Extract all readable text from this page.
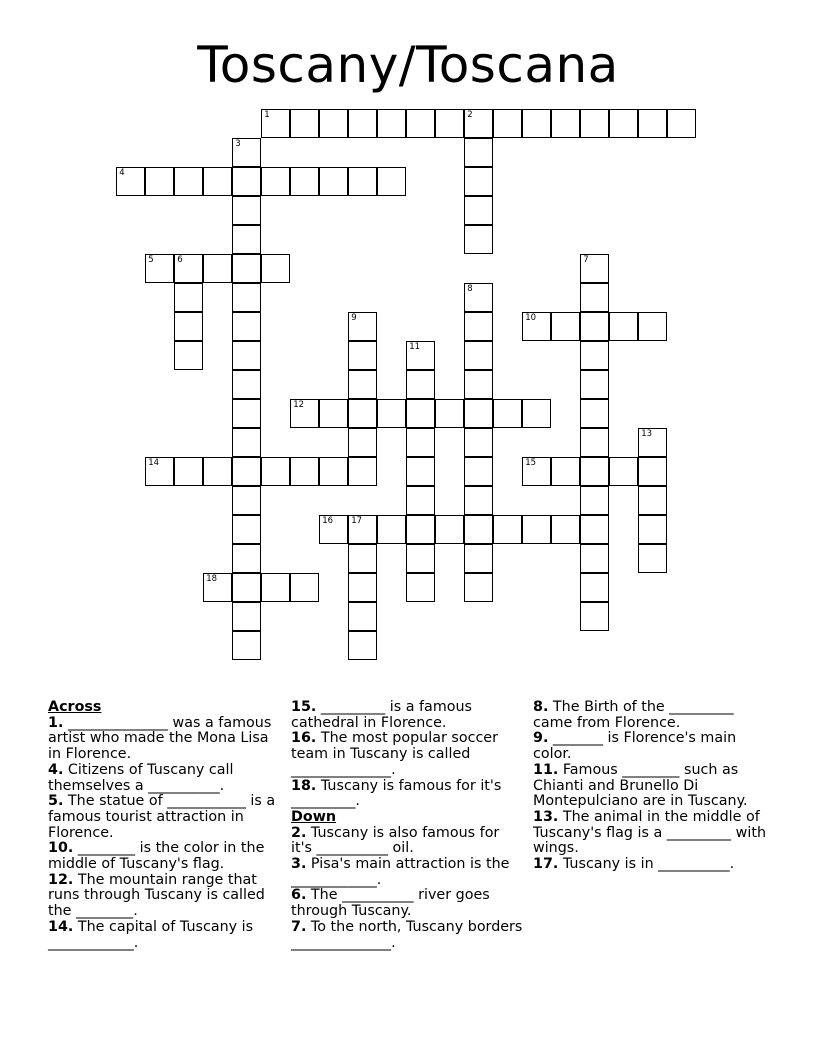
Toscany/Toscana
1	2
3
4
5	6	7
8
9	10
11
12
13
14	15
16 17
18
Across
1. ______________ was a famous artist who made the Mona Lisa in Florence.
4. Citizens of Tuscany call themselves a __________.
5. The statue of ___________ is a famous tourist attraction in Florence.
10. ________ is the color in the middle of Tuscany's flag.
12. The mountain range that runs through Tuscany is called the ________.
14. The capital of Tuscany is ____________.
15. _________ is a famous cathedral in Florence.
16. The most popular soccer team in Tuscany is called ______________.
18. Tuscany is famous for it's _________.
Down
2. Tuscany is also famous for it's __________ oil.
3. Pisa's main attraction is the ____________.
6. The __________ river goes through Tuscany.
7. To the north, Tuscany borders ______________.
8. The Birth of the _________ came from Florence.
9. _______ is Florence's main color.
11. Famous ________ such as Chianti and Brunello Di Montepulciano are in Tuscany.
13. The animal in the middle of Tuscany's flag is a _________ with wings.
17. Tuscany is in __________.
